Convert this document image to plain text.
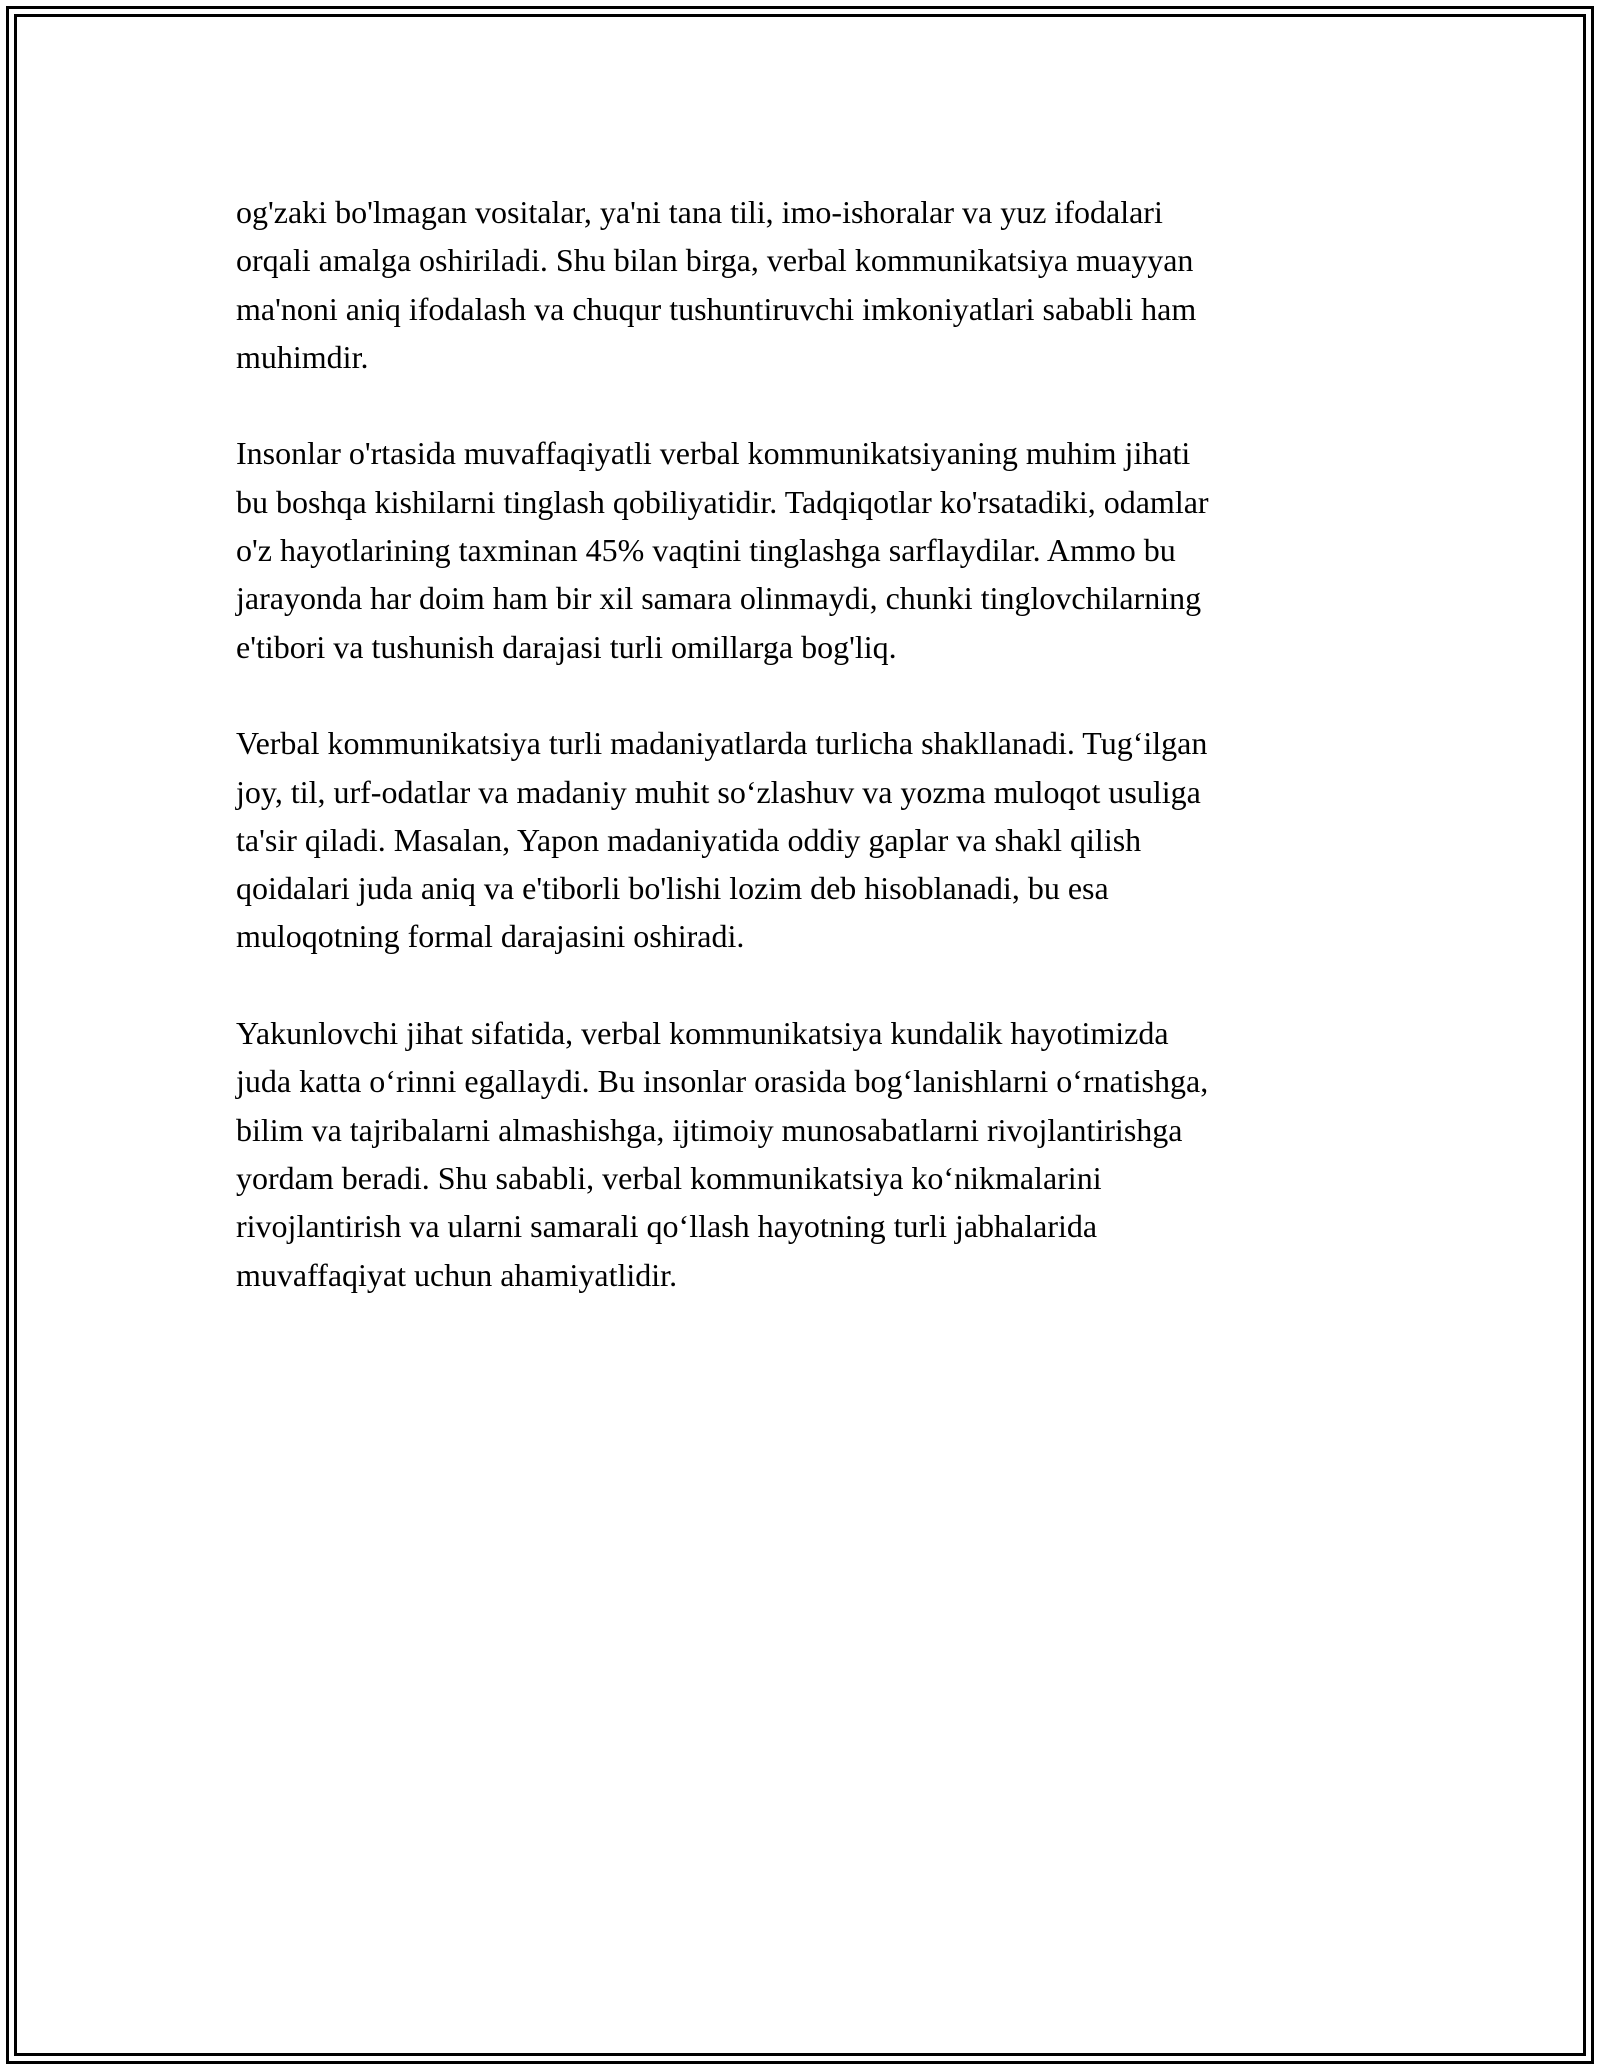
og'zaki bo'lmagan vositalar, ya'ni tana tili, imo-ishoralar va yuz ifodalari
orqali amalga oshiriladi. Shu bilan birga, verbal kommunikatsiya muayyan
ma'noni aniq ifodalash va chuqur tushuntiruvchi imkoniyatlari sababli ham
muhimdir.

Insonlar o'rtasida muvaffaqiyatli verbal kommunikatsiyaning muhim jihati
bu boshqa kishilarni tinglash qobiliyatidir. Tadqiqotlar ko'rsatadiki, odamlar
o'z hayotlarining taxminan 45% vaqtini tinglashga sarflaydilar. Ammo bu
jarayonda har doim ham bir xil samara olinmaydi, chunki tinglovchilarning
e'tibori va tushunish darajasi turli omillarga bog'liq.

Verbal kommunikatsiya turli madaniyatlarda turlicha shakllanadi. Tug‘ilgan
joy, til, urf-odatlar va madaniy muhit so‘zlashuv va yozma muloqot usuliga
ta'sir qiladi. Masalan, Yapon madaniyatida oddiy gaplar va shakl qilish
qoidalari juda aniq va e'tiborli bo'lishi lozim deb hisoblanadi, bu esa
muloqotning formal darajasini oshiradi.

Yakunlovchi jihat sifatida, verbal kommunikatsiya kundalik hayotimizda
juda katta o‘rinni egallaydi. Bu insonlar orasida bog‘lanishlarni o‘rnatishga,
bilim va tajribalarni almashishga, ijtimoiy munosabatlarni rivojlantirishga
yordam beradi. Shu sababli, verbal kommunikatsiya ko‘nikmalarini
rivojlantirish va ularni samarali qo‘llash hayotning turli jabhalarida
muvaffaqiyat uchun ahamiyatlidir.
